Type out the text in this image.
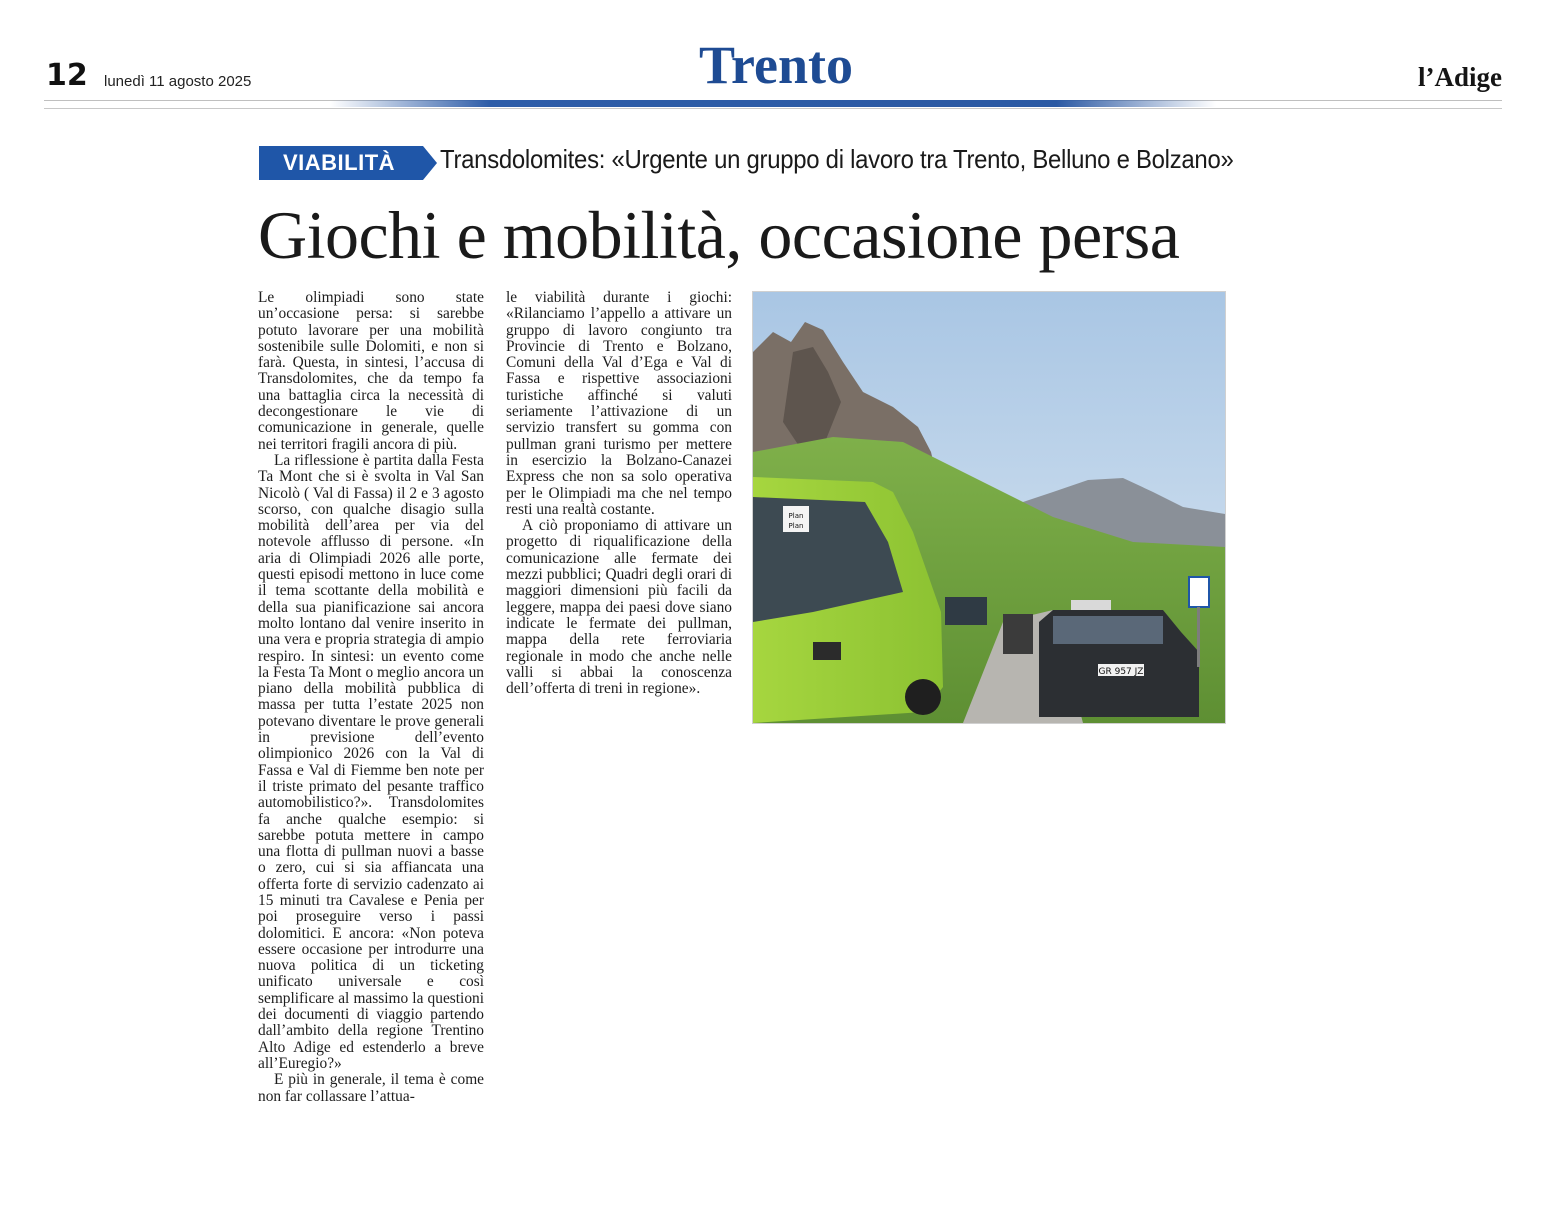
12 lunedì 11 agosto 2025	Trento	l’Adige
VIABILITÀ	Transdolomites: «Urgente un gruppo di lavoro tra Trento, Belluno e Bolzano»
Giochi e mobilità, occasione persa

Le olimpiadi sono state un’occasione persa: si sarebbe potuto lavorare per una mobilità sostenibile sulle Dolomiti, e non si farà. Questa, in sintesi, l’accusa di Transdolomites, che da tempo fa una battaglia circa la necessità di decongestionare le vie di comunicazione in generale, quelle nei territori fragili ancora di più.

La riflessione è partita dalla Festa Ta Mont che si è svolta in Val San Nicolò ( Val di Fassa) il 2 e 3 agosto scorso, con qualche disagio sulla mobilità dell’area per via del notevole afflusso di persone. «In aria di Olimpiadi 2026 alle porte, questi episodi mettono in luce come il tema scottante della mobilità e della sua pianificazione sai ancora molto lontano dal venire inserito in una vera e propria strategia di ampio respiro. In sintesi: un evento come la Festa Ta Mont o meglio ancora un piano della mobilità pubblica di massa per tutta l’estate 2025 non potevano diventare le prove generali in previsione dell’evento olimpionico 2026 con la Val di Fassa e Val di Fiemme ben note per il triste primato del pesante traffico automobilistico?». Transdolomites fa anche qualche esempio: si sarebbe potuta mettere in campo una flotta di pullman nuovi a basse o zero, cui si sia affiancata una offerta forte di servizio cadenzato ai 15 minuti tra Cavalese e Penia per poi proseguire verso i passi dolomitici. E ancora: «Non poteva essere occasione per introdurre una nuova politica di un ticketing unificato universale e così semplificare al massimo la questioni dei documenti di viaggio partendo dall’ambito della regione Trentino Alto Adige ed estenderlo a breve all’Euregio?»

E più in generale, il tema è come non far collassare l’attua-

le viabilità durante i giochi: «Rilanciamo l’appello a attivare un gruppo di lavoro congiunto tra Provincie di Trento e Bolzano, Comuni della Val d’Ega e Val di Fassa e rispettive associazioni turistiche affinché si valuti seriamente l’attivazione di un servizio transfert su gomma con pullman grani turismo per mettere in esercizio la Bolzano-Canazei Express che non sa solo operativa per le Olimpiadi ma che nel tempo resti una realtà costante.

A ciò proponiamo di attivare un progetto di riqualificazione della comunicazione alle fermate dei mezzi pubblici; Quadri degli orari di maggiori dimensioni più facili da leggere, mappa dei paesi dove siano indicate le fermate dei pullman, mappa della rete ferroviaria regionale in modo che anche nelle valli si abbai la conoscenza dell’offerta di treni in regione».

GR 957 JZ
Plan
Plan
